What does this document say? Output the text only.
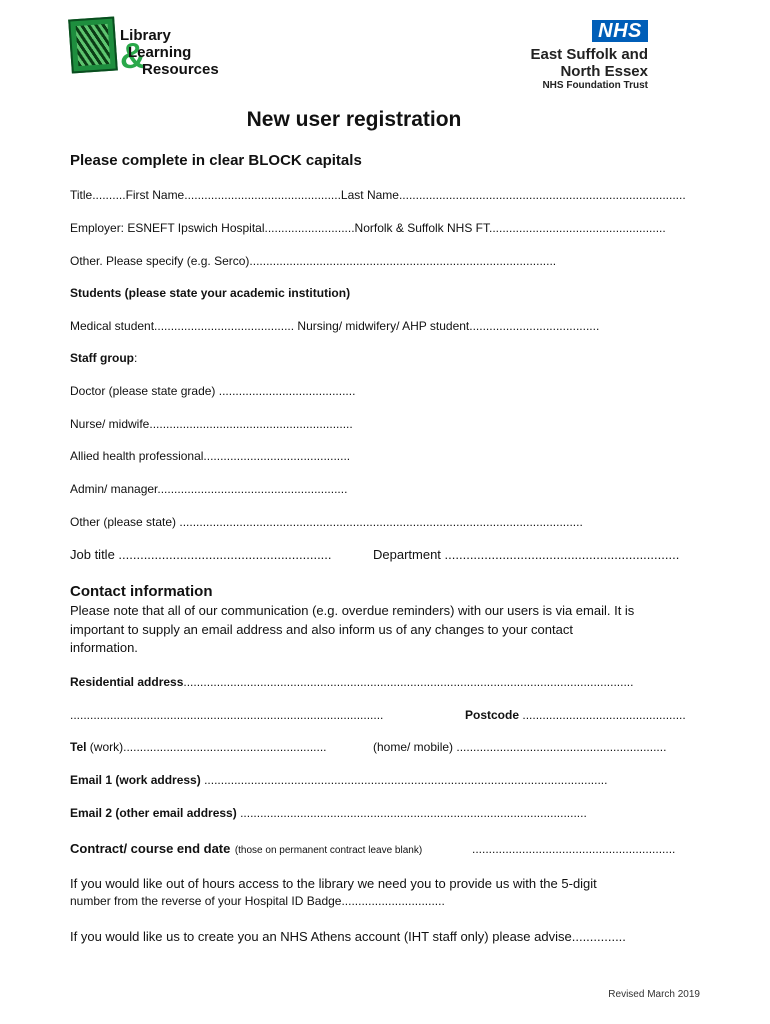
&
Library
Learning
Resources
NHS
East Suffolk and
North Essex
NHS Foundation Trust
New user registration
Please complete in clear BLOCK capitals
Title..........First Name...............................................Last Name......................................................................................
Employer: ESNEFT Ipswich Hospital...........................Norfolk & Suffolk NHS FT.....................................................
Other. Please specify (e.g. Serco)............................................................................................
Students (please state your academic institution)
Medical student.......................................... Nursing/ midwifery/ AHP student.......................................
Staff group:
Doctor (please state grade) .........................................
Nurse/ midwife.............................................................
Allied health professional............................................
Admin/ manager.........................................................
Other (please state) .........................................................................................................................
Job title ...........................................................	Department .................................................................
Contact information
Please note that all of our communication (e.g. overdue reminders) with our users is via email. It is
important to supply an email address and also inform us of any changes to your contact
information.
Residential address.......................................................................................................................................
..............................................................................................	Postcode .................................................
Tel (work).............................................................	(home/ mobile) ...............................................................
Email 1 (work address) .........................................................................................................................
Email 2 (other email address) ........................................................................................................
Contract/ course end date (those on permanent contract leave blank)	.............................................................
If you would like out of hours access to the library we need you to provide us with the 5-digit
number from the reverse of your Hospital ID Badge...............................
If you would like us to create you an NHS Athens account (IHT staff only) please advise...............
Revised March 2019
